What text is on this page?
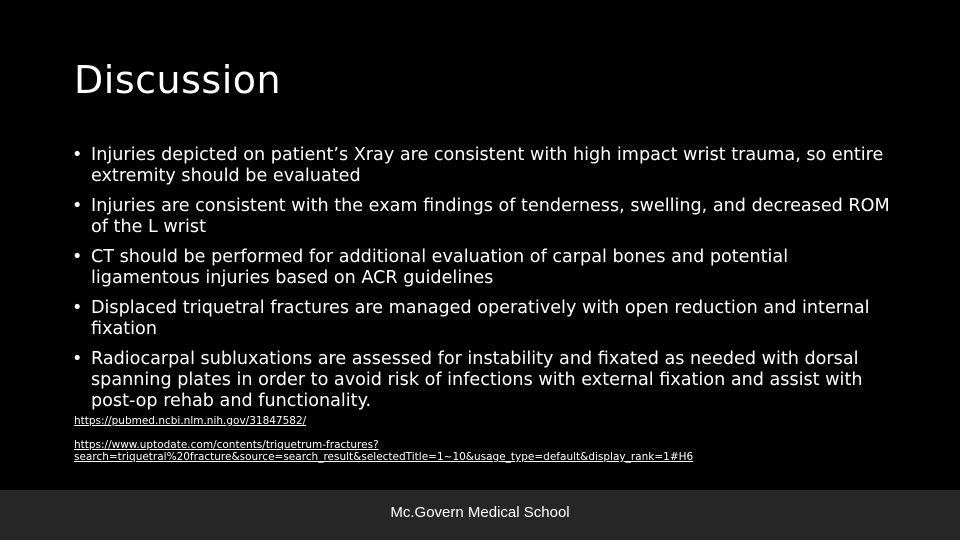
Discussion
• Injuries depicted on patient’s Xray are consistent with high impact wrist trauma, so entire extremity should be evaluated
• Injuries are consistent with the exam findings of tenderness, swelling, and decreased ROM of the L wrist
• CT should be performed for additional evaluation of carpal bones and potential ligamentous injuries based on ACR guidelines
• Displaced triquetral fractures are managed operatively with open reduction and internal fixation
• Radiocarpal subluxations are assessed for instability and fixated as needed with dorsal spanning plates in order to avoid risk of infections with external fixation and assist with post-op rehab and functionality.
https://pubmed.ncbi.nlm.nih.gov/31847582/
https://www.uptodate.com/contents/triquetrum-fractures?search=triquetral%20fracture&source=search_result&selectedTitle=1~10&usage_type=default&display_rank=1#H6
Mc.Govern Medical School
